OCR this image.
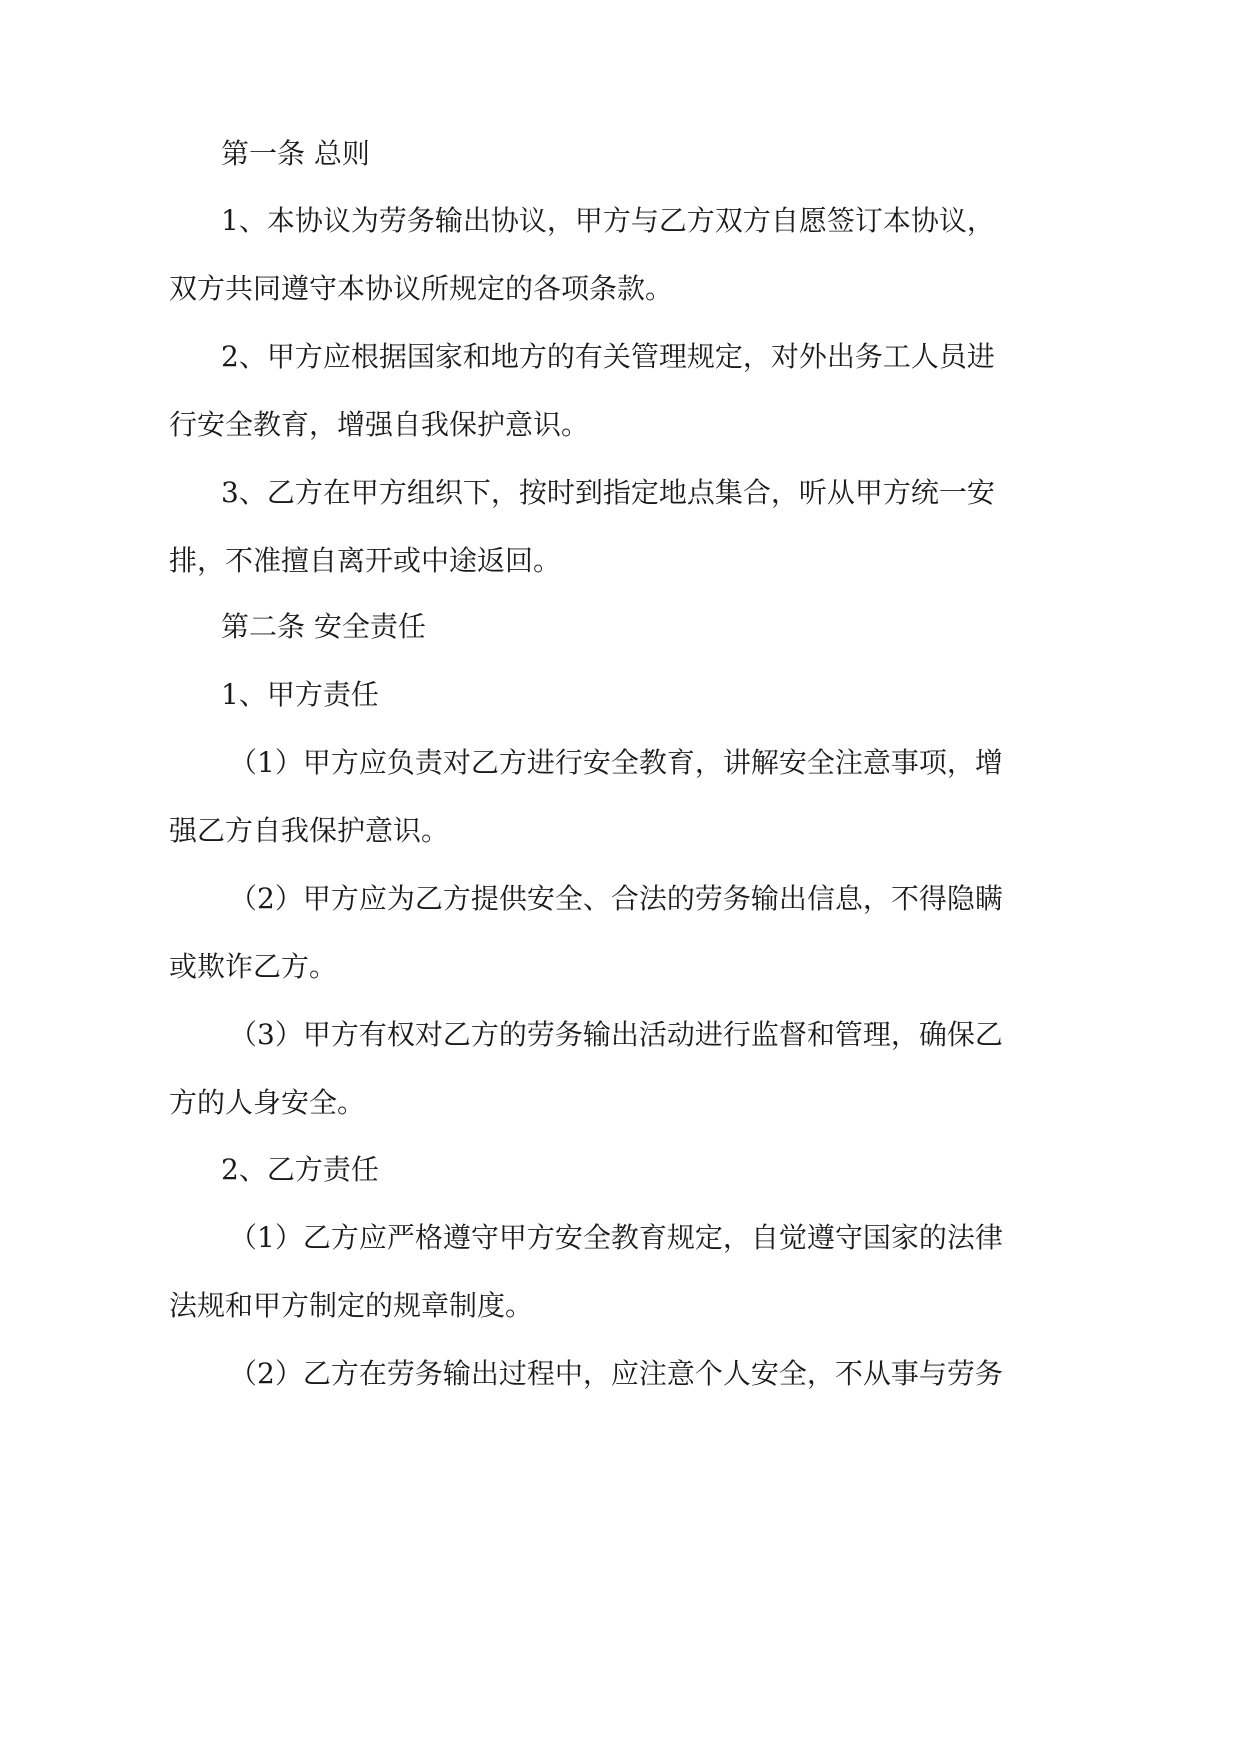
第一条 总则
1、本协议为劳务输出协议，甲方与乙方双方自愿签订本协议，
双方共同遵守本协议所规定的各项条款。
2、甲方应根据国家和地方的有关管理规定，对外出务工人员进
行安全教育，增强自我保护意识。
3、乙方在甲方组织下，按时到指定地点集合，听从甲方统一安
排，不准擅自离开或中途返回。
第二条 安全责任
1、甲方责任
（1）甲方应负责对乙方进行安全教育，讲解安全注意事项，增
强乙方自我保护意识。
（2）甲方应为乙方提供安全、合法的劳务输出信息，不得隐瞒
或欺诈乙方。
（3）甲方有权对乙方的劳务输出活动进行监督和管理，确保乙
方的人身安全。
2、乙方责任
（1）乙方应严格遵守甲方安全教育规定，自觉遵守国家的法律
法规和甲方制定的规章制度。
（2）乙方在劳务输出过程中，应注意个人安全，不从事与劳务
